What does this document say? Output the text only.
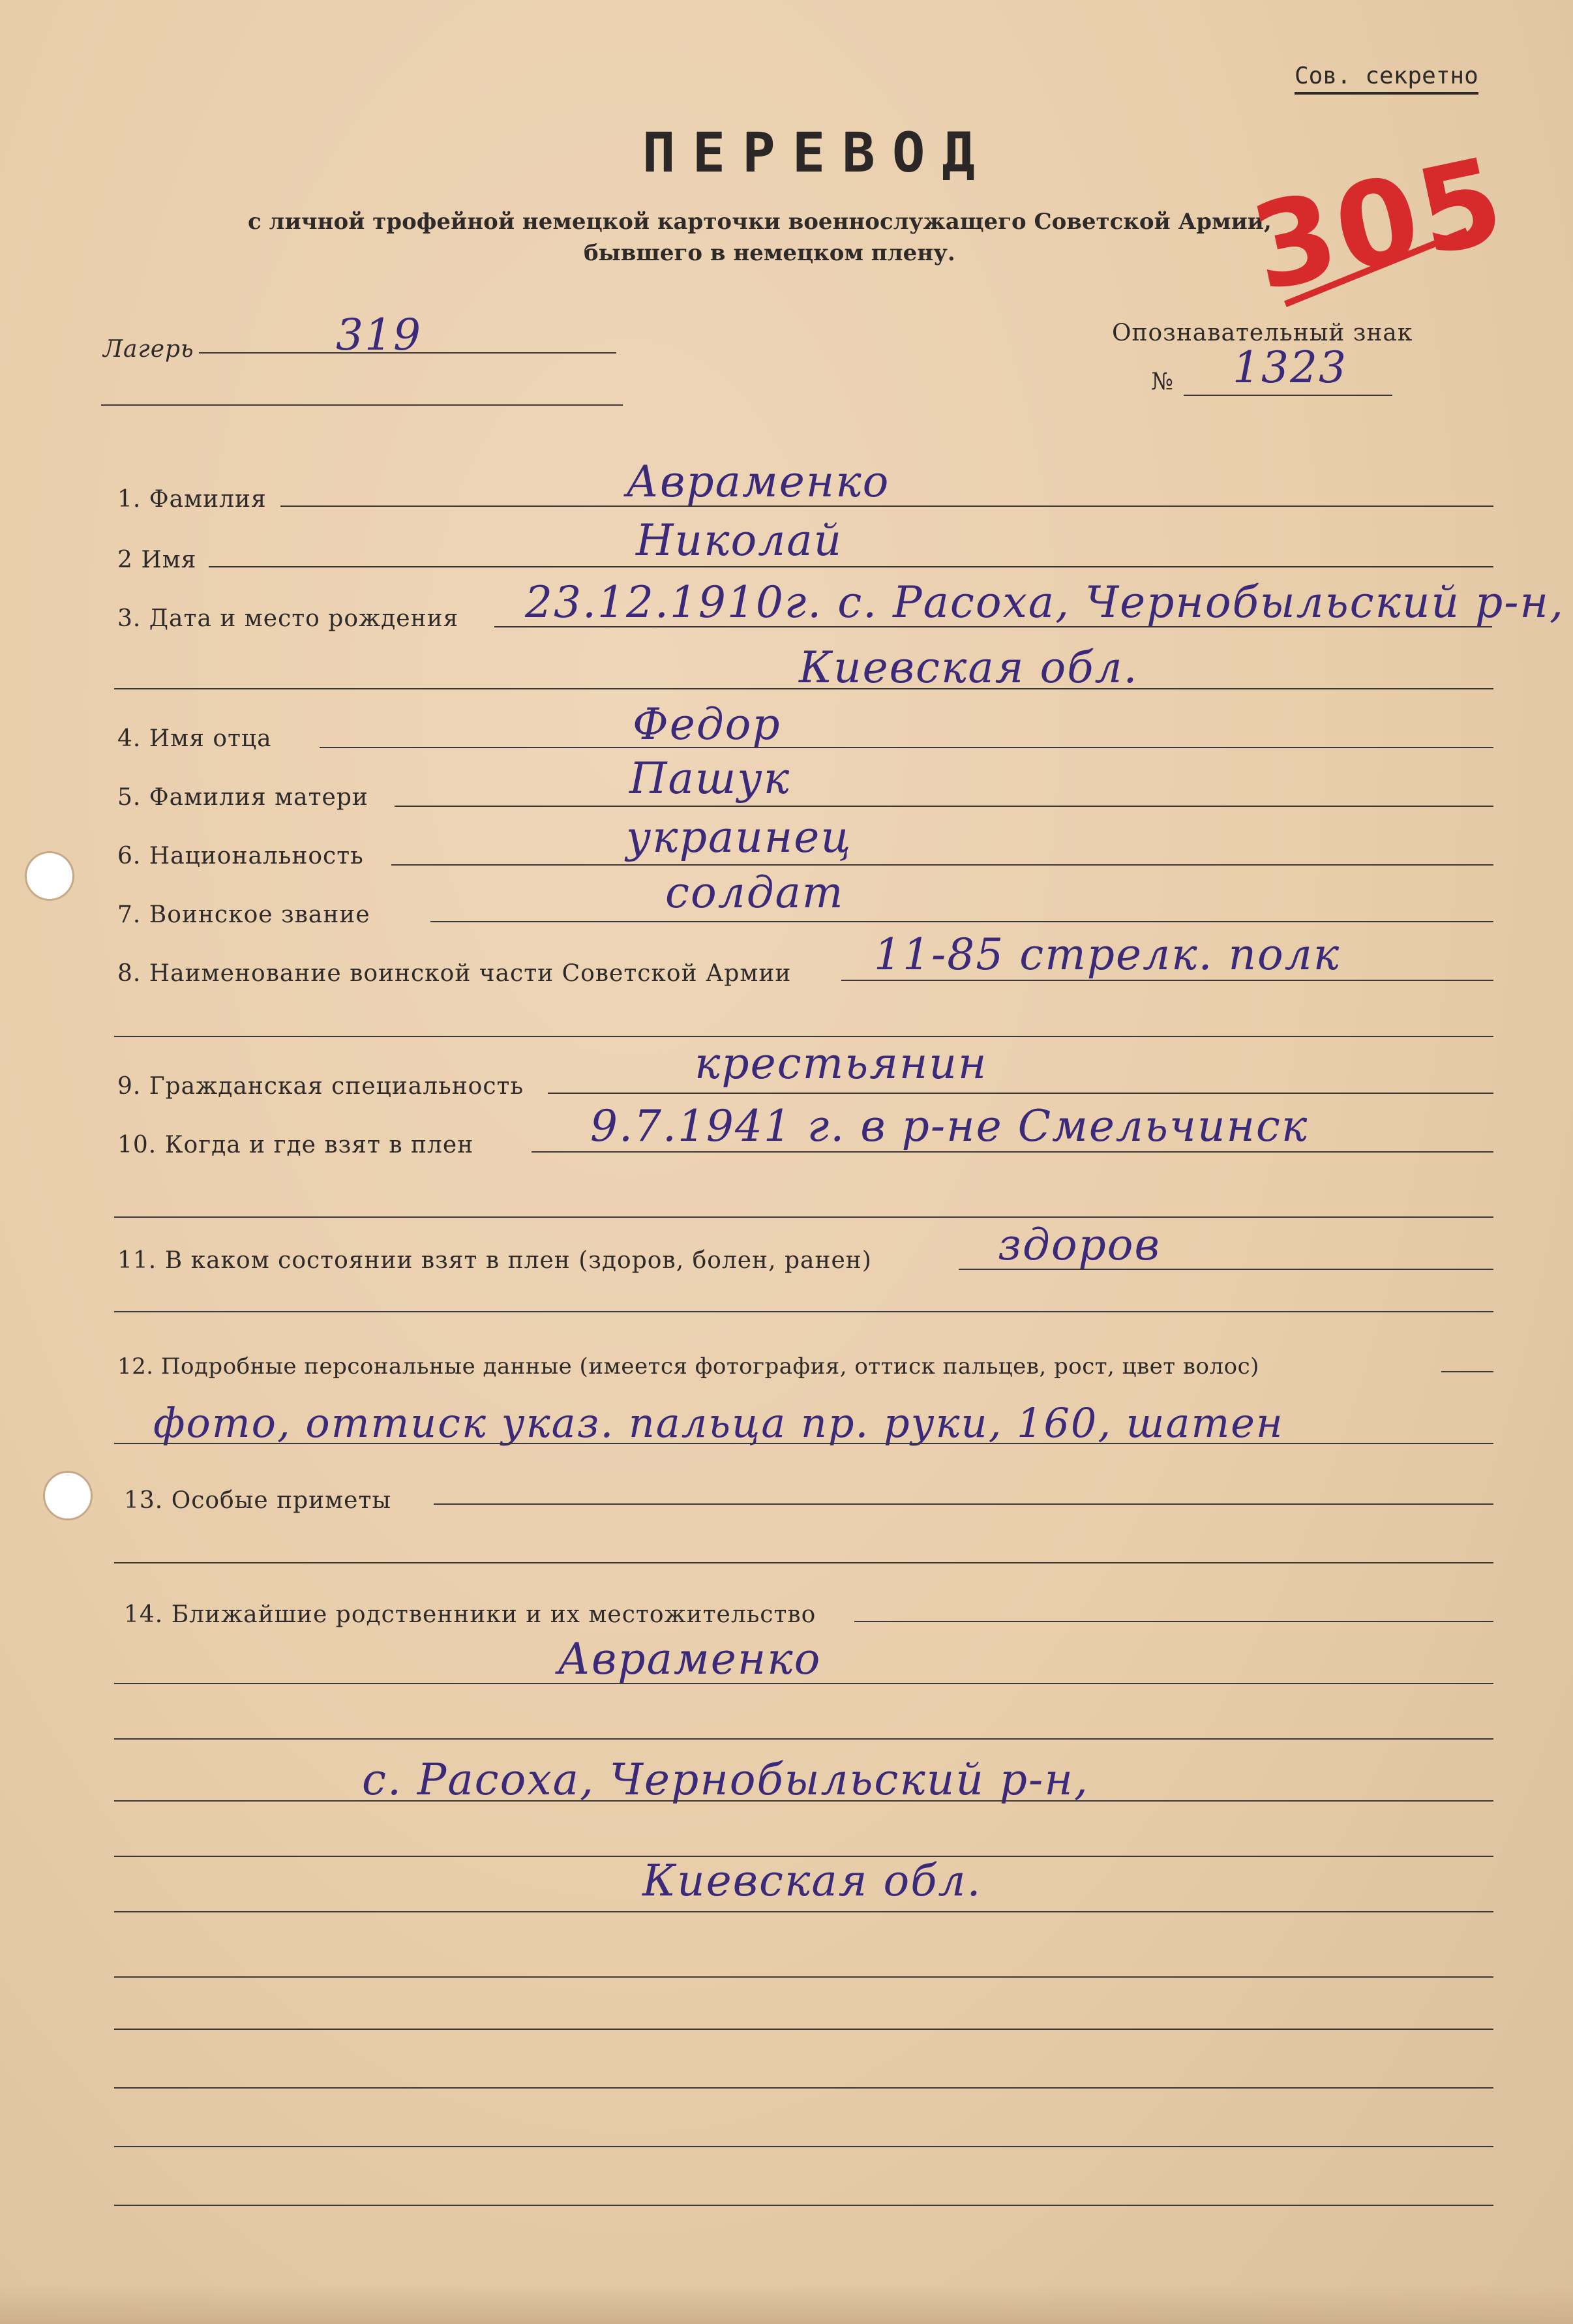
Сов. секретно
ПЕРЕВОД
с личной трофейной немецкой карточки военнослужащего Советской Армии,
бывшего в немецком плену. 305
Лагерь	319	Опознавательный знак
№ 1323
1. Фамилия	Авраменко
2 Имя	Николай
3. Дата и место рождения 23.12.1910г. с. Расоха, Чернобыльский р-н,
Киевская обл.
4. Имя отца	Федор
5. Фамилия матери	Пашук
6. Национальность	украинец
7. Воинское звание	солдат
8. Наименование воинской части Советской Армии 11-85 стрелк. полк
9. Гражданская специальность	крестьянин
10. Когда и где взят в плен	9.7.1941 г. в р-не Смельчинск
11. В каком состоянии взят в плен (здоров, болен, ранен)	здоров
12. Подробные персональные данные (имеется фотография, оттиск пальцев, рост, цвет волос)
фото, оттиск указ. пальца пр. руки, 160, шатен
13. Особые приметы
14. Ближайшие родственники и их местожительство
Авраменко
с. Расоха, Чернобыльский р-н,
Киевская обл.
